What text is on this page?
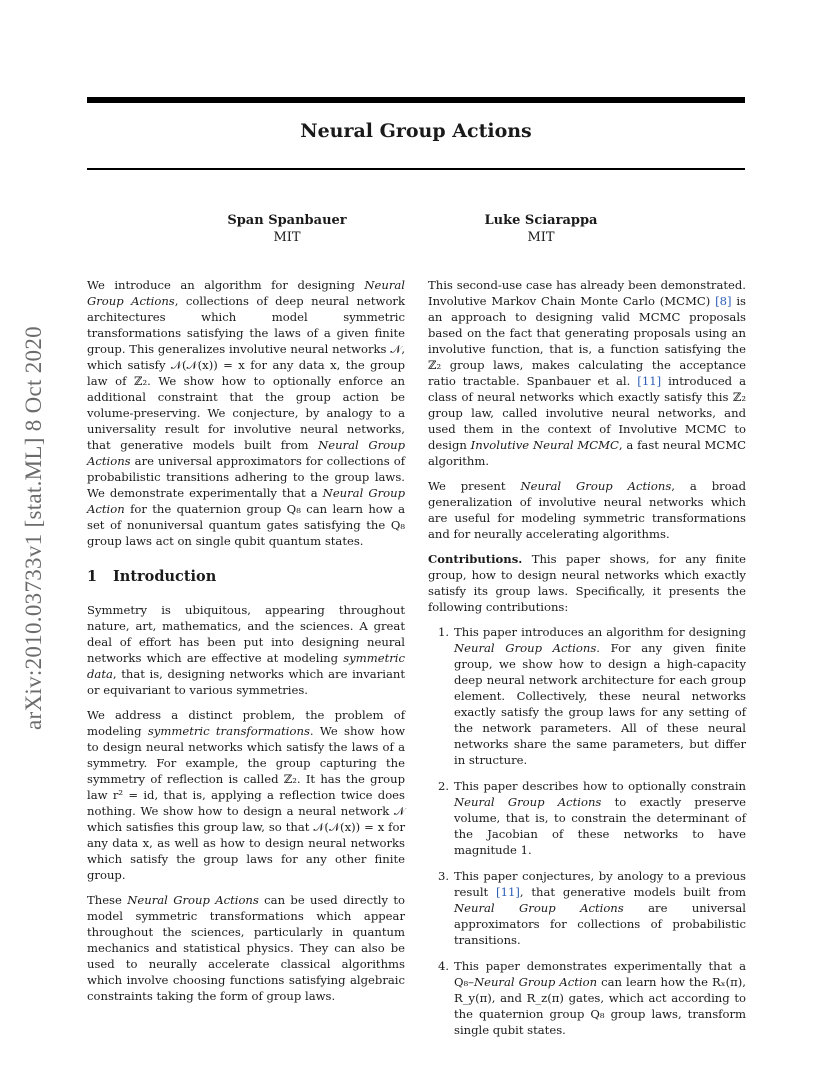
arXiv:2010.03733v1 [stat.ML] 8 Oct 2020
Neural Group Actions
Span Spanbauer
MIT
Luke Sciarappa
MIT

We introduce an algorithm for designing Neural Group Actions, collections of deep neural network architectures which model symmetric transformations satisfying the laws of a given finite group. This generalizes involutive neural networks 𝒩, which satisfy 𝒩(𝒩(x)) = x for any data x, the group law of ℤ₂. We show how to optionally enforce an additional constraint that the group action be volume-preserving. We conjecture, by analogy to a universality result for involutive neural networks, that generative models built from Neural Group Actions are universal approximators for collections of probabilistic transitions adhering to the group laws. We demonstrate experimentally that a Neural Group Action for the quaternion group Q₈ can learn how a set of nonuniversal quantum gates satisfying the Q₈ group laws act on single qubit quantum states.

1 Introduction

Symmetry is ubiquitous, appearing throughout nature, art, mathematics, and the sciences. A great deal of effort has been put into designing neural networks which are effective at modeling symmetric data, that is, designing networks which are invariant or equivariant to various symmetries.

We address a distinct problem, the problem of modeling symmetric transformations. We show how to design neural networks which satisfy the laws of a symmetry. For example, the group capturing the symmetry of reflection is called ℤ₂. It has the group law r² = id, that is, applying a reflection twice does nothing. We show how to design a neural network 𝒩 which satisfies this group law, so that 𝒩(𝒩(x)) = x for any data x, as well as how to design neural networks which satisfy the group laws for any other finite group.

These Neural Group Actions can be used directly to model symmetric transformations which appear throughout the sciences, particularly in quantum mechanics and statistical physics. They can also be used to neurally accelerate classical algorithms which involve choosing functions satisfying algebraic constraints taking the form of group laws.

This second-use case has already been demonstrated. Involutive Markov Chain Monte Carlo (MCMC) [8] is an approach to designing valid MCMC proposals based on the fact that generating proposals using an involutive function, that is, a function satisfying the ℤ₂ group laws, makes calculating the acceptance ratio tractable. Spanbauer et al. [11] introduced a class of neural networks which exactly satisfy this ℤ₂ group law, called involutive neural networks, and used them in the context of Involutive MCMC to design Involutive Neural MCMC, a fast neural MCMC algorithm.

We present Neural Group Actions, a broad generalization of involutive neural networks which are useful for modeling symmetric transformations and for neurally accelerating algorithms.

Contributions. This paper shows, for any finite group, how to design neural networks which exactly satisfy its group laws. Specifically, it presents the following contributions:

1. This paper introduces an algorithm for designing Neural Group Actions. For any given finite group, we show how to design a high-capacity deep neural network architecture for each group element. Collectively, these neural networks exactly satisfy the group laws for any setting of the network parameters. All of these neural networks share the same parameters, but differ in structure.
2. This paper describes how to optionally constrain Neural Group Actions to exactly preserve volume, that is, to constrain the determinant of the Jacobian of these networks to have magnitude 1.
3. This paper conjectures, by anology to a previous result [11], that generative models built from Neural Group Actions are universal approximators for collections of probabilistic transitions.
4. This paper demonstrates experimentally that a Q₈–Neural Group Action can learn how the Rₓ(π), R_y(π), and R_z(π) gates, which act according to the quaternion group Q₈ group laws, transform single qubit states.
